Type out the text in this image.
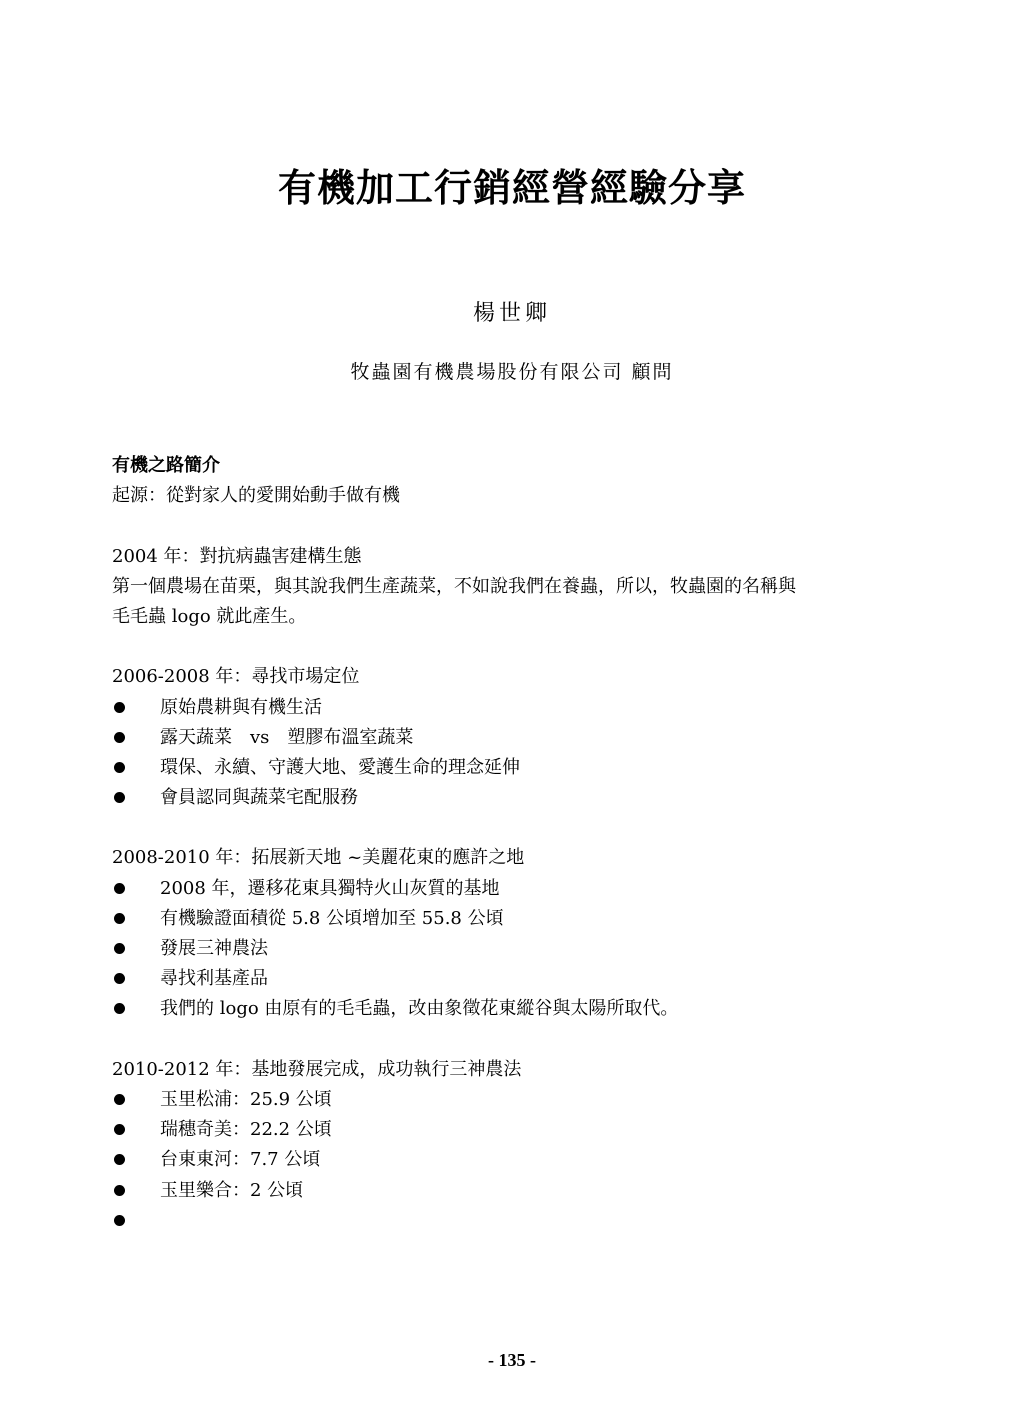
有機加工行銷經營經驗分享
楊世卿
牧蟲園有機農場股份有限公司 顧問
有機之路簡介
起源：從對家人的愛開始動手做有機
2004 年：對抗病蟲害建構生態
第一個農場在苗栗，與其說我們生產蔬菜，不如說我們在養蟲，所以，牧蟲園的名稱與
毛毛蟲 logo 就此產生。
2006-2008 年：尋找市場定位
原始農耕與有機生活
露天蔬菜　vs　塑膠布溫室蔬菜
環保、永續、守護大地、愛護生命的理念延伸
會員認同與蔬菜宅配服務
2008-2010 年：拓展新天地 ~美麗花東的應許之地
2008 年，遷移花東具獨特火山灰質的基地
有機驗證面積從 5.8 公頃增加至 55.8 公頃
發展三神農法
尋找利基產品
我們的 logo 由原有的毛毛蟲，改由象徵花東縱谷與太陽所取代。
2010-2012 年：基地發展完成，成功執行三神農法
玉里松浦：25.9 公頃
瑞穗奇美：22.2 公頃
台東東河：7.7 公頃
玉里樂合：2 公頃
- 135 -
